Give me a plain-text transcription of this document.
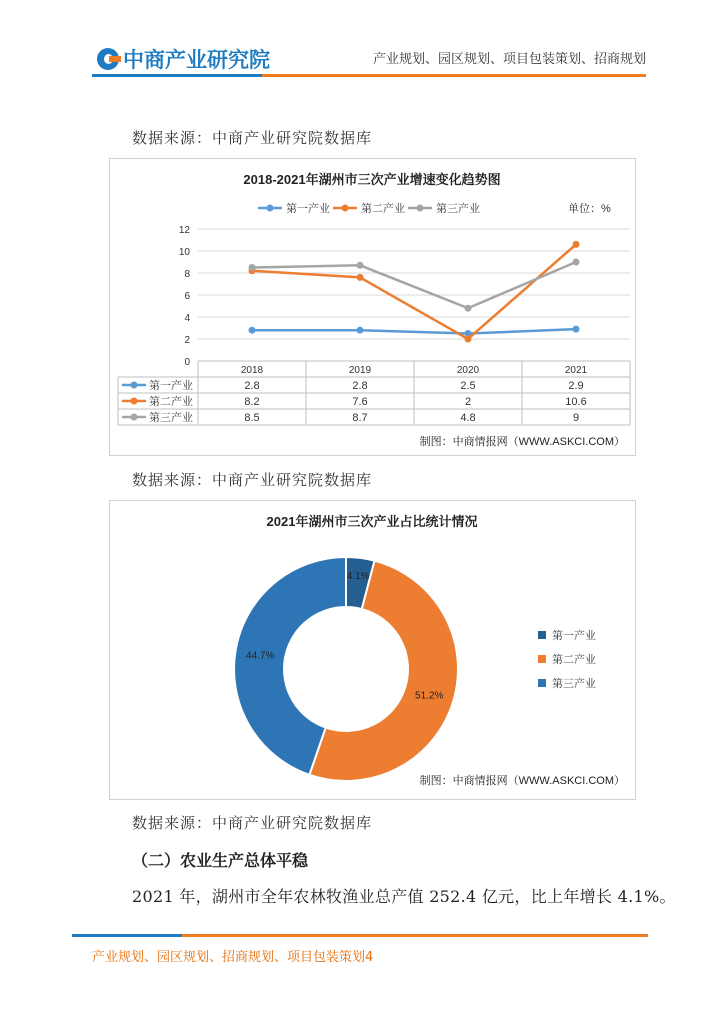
中商产业研究院	产业规划、园区规划、项目包装策划、招商规划
数据来源：中商产业研究院数据库
2018-2021年湖州市三次产业增速变化趋势图
第一产业	第二产业	第三产业	单位：%
0
2
4
6
8
10
12
2018	2019	2020	2021
第一产业	2.8	2.8	2.5	2.9
第二产业	8.2	7.6	2	10.6
第三产业	8.5	8.7	4.8	9
制图：中商情报网（WWW.ASKCI.COM）
数据来源：中商产业研究院数据库
2021年湖州市三次产业占比统计情况
4.1%
51.2%
44.7%
第一产业
第二产业
第三产业
制图：中商情报网（WWW.ASKCI.COM）
数据来源：中商产业研究院数据库
（二）农业生产总体平稳
2021 年，湖州市全年农林牧渔业总产值 252.4 亿元，比上年增长 4.1%。
产业规划、园区规划、招商规划、项目包装策划4
